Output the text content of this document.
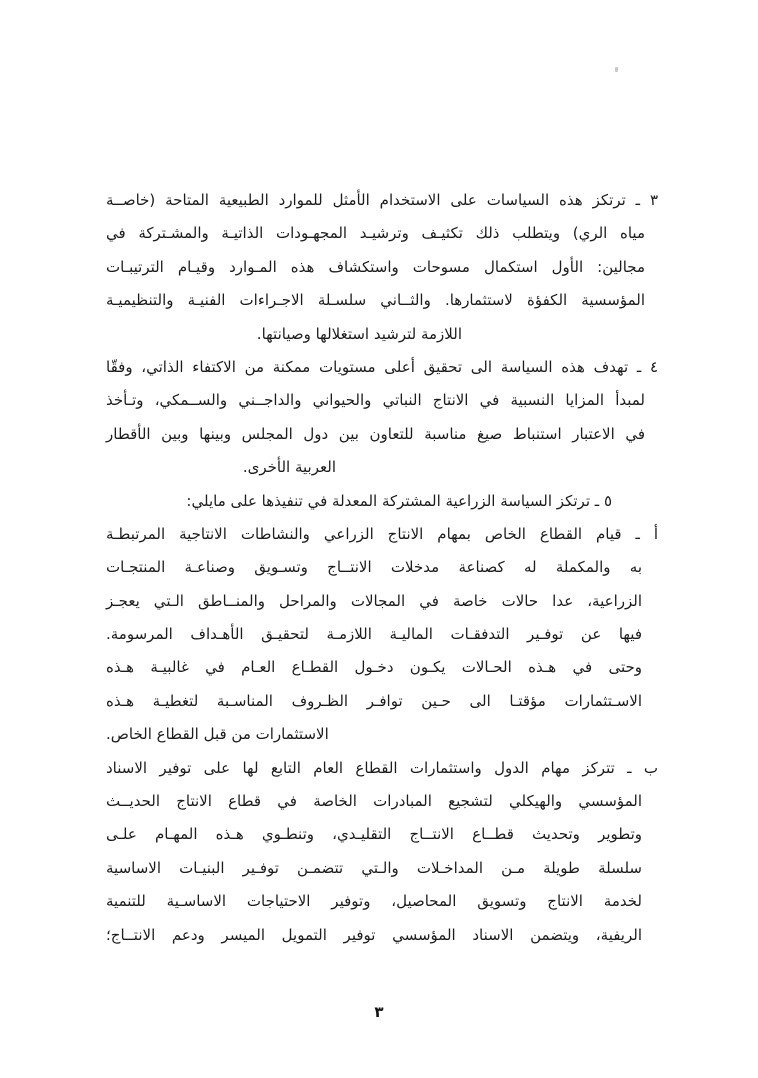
٣ ـ ترتكز هذه السياسات على الاستخدام الأمثل للموارد الطبيعية المتاحة (خاصــة
مياه الري) ويتطلب ذلك تكثيـف وترشيـد المجهـودات الذاتيـة والمشـتركة في
مجالين: الأول استكمال مسوحات واستكشاف هذه المـوارد وقيـام الترتيبـات
المؤسسية الكفؤة لاستثمارها. والثــاني سلسـلة الاجـراءات الفنيـة والتنظيميـة
اللازمة لترشيد استغلالها وصيانتها.
٤ ـ تهدف هذه السياسة الى تحقيق أعلى مستويات ممكنة من الاكتفاء الذاتي، وفقّا
لمبدأ المزايا النسبية في الانتاج النباتي والحيواني والداجــني والســمكي، وتـأخذ
في الاعتبار استنباط صيغ مناسبة للتعاون بين دول المجلس وبينها وبين الأقطار
العربية الأخرى.
٥ ـ ترتكز السياسة الزراعية المشتركة المعدلة في تنفيذها على مايلي:
أ ـ قيام القطاع الخاص بمهام الانتاج الزراعي والنشاطات الانتاجية المرتبطـة
به والمكملة له كصناعة مدخلات الانتــاج وتسـويق وصناعـة المنتجـات
الزراعية، عدا حالات خاصة في المجالات والمراحل والمنــاطق الـتي يعجـز
فيها عن توفـير التدفقـات الماليـة اللازمـة لتحقيـق الأهـداف المرسومة.
وحتى في هـذه الحـالات يكـون دخـول القطـاع العـام في غالبيـة هـذه
الاسـتثمارات مؤقتـا الى حـين توافـر الظـروف المناسـبة لتغطيـة هـذه
الاستثمارات من قبل القطاع الخاص.
ب ـ تتركز مهام الدول واستثمارات القطاع العام التابع لها على توفير الاسناد
المؤسسي والهيكلي لتشجيع المبادرات الخاصة في قطاع الانتاج الحديــث
وتطوير وتحديث قطــاع الانتــاج التقليـدي، وتنطـوي هـذه المهـام علـى
سلسلة طويلة مـن المداخـلات والـتي تتضمـن توفـير البنيـات الاساسية
لخدمة الانتاج وتسويق المحاصيل، وتوفير الاحتياجات الاساسـية للتنمية
الريفية، ويتضمن الاسناد المؤسسي توفير التمويل الميسر ودعم الانتــاج؛
٣
